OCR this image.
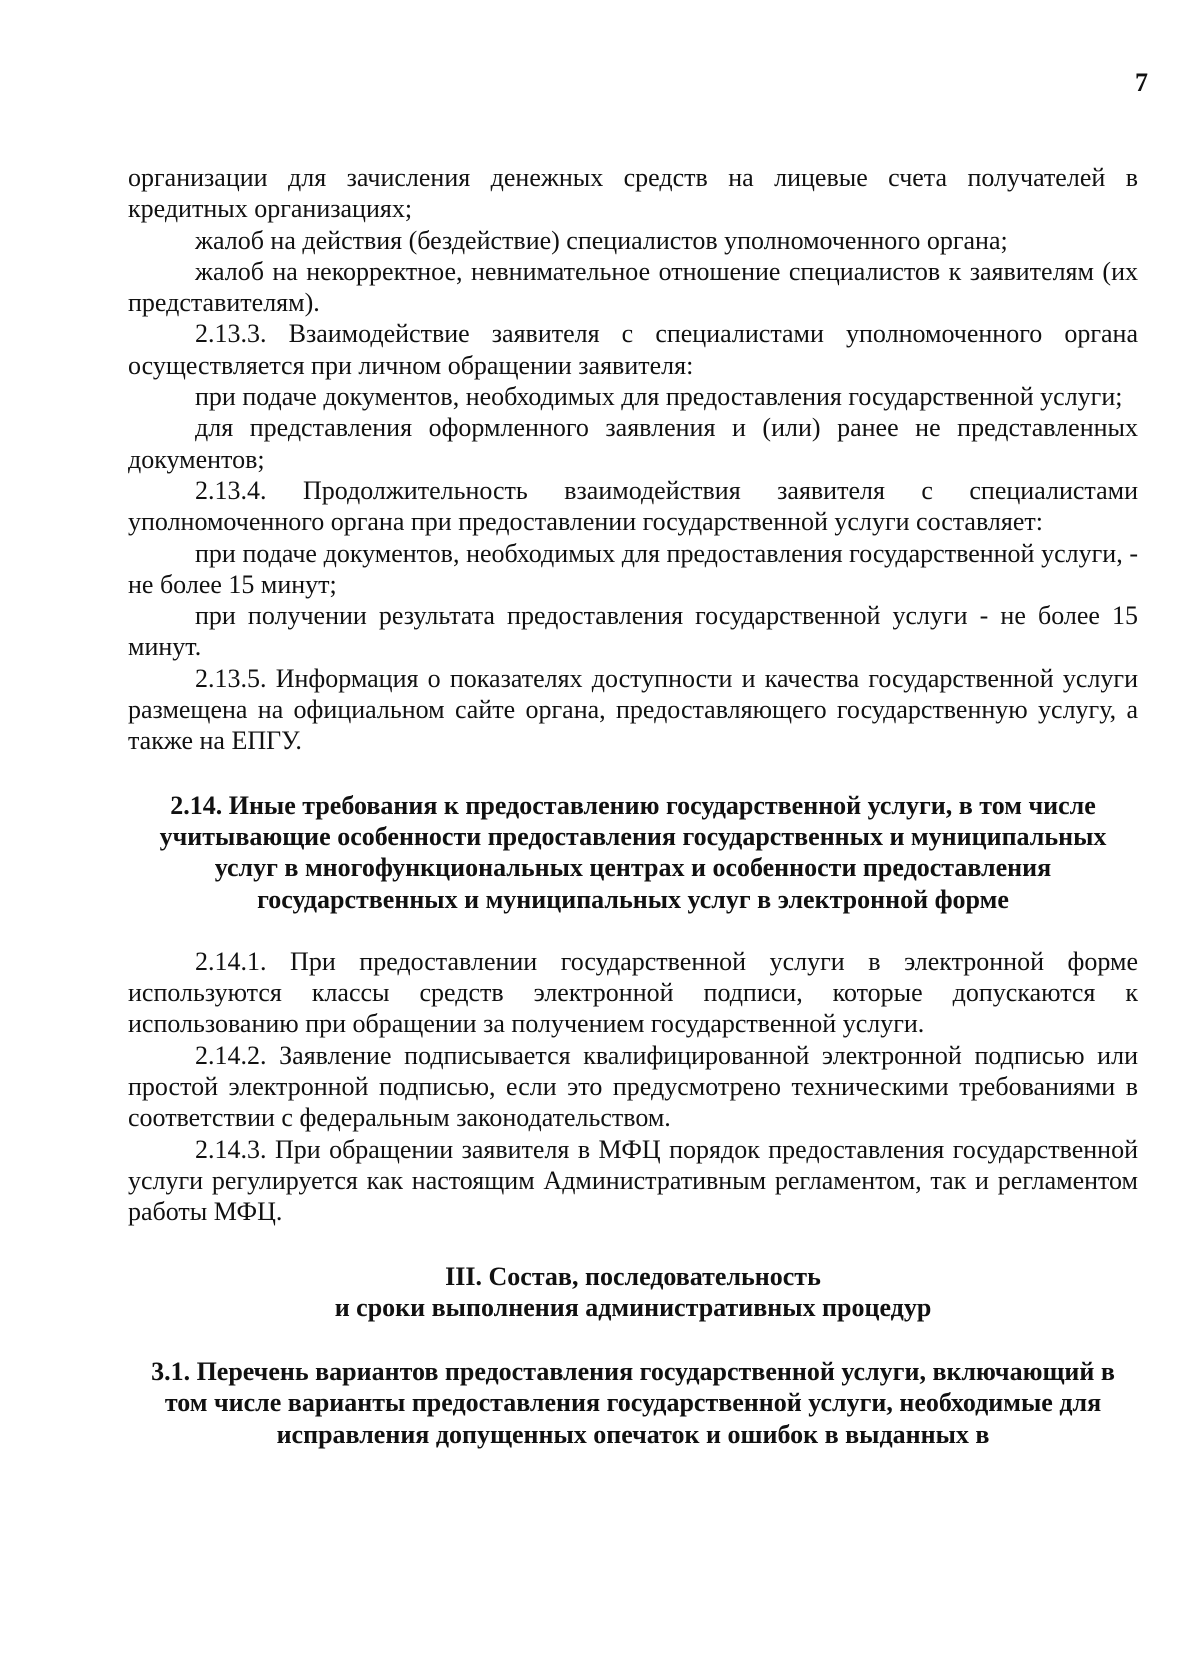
7

организации для зачисления денежных средств на лицевые счета получателей в кредитных организациях;

жалоб на действия (бездействие) специалистов уполномоченного органа;

жалоб на некорректное, невнимательное отношение специалистов к заявителям (их представителям).

2.13.3. Взаимодействие заявителя с специалистами уполномоченного органа осуществляется при личном обращении заявителя:

при подаче документов, необходимых для предоставления государственной услуги;

для представления оформленного заявления и (или) ранее не представленных документов;

2.13.4. Продолжительность взаимодействия заявителя с специалистами уполномоченного органа при предоставлении государственной услуги составляет:

при подаче документов, необходимых для предоставления государственной услуги, - не более 15 минут;

при получении результата предоставления государственной услуги - не более 15 минут.

2.13.5. Информация о показателях доступности и качества государственной услуги размещена на официальном сайте органа, предоставляющего государственную услугу, а также на ЕПГУ.

2.14. Иные требования к предоставлению государственной услуги, в том числе учитывающие особенности предоставления государственных и муниципальных услуг в многофункциональных центрах и особенности предоставления государственных и муниципальных услуг в электронной форме

2.14.1. При предоставлении государственной услуги в электронной форме используются классы средств электронной подписи, которые допускаются к использованию при обращении за получением государственной услуги.

2.14.2. Заявление подписывается квалифицированной электронной подписью или простой электронной подписью, если это предусмотрено техническими требованиями в соответствии с федеральным законодательством.

2.14.3. При обращении заявителя в МФЦ порядок предоставления государственной услуги регулируется как настоящим Административным регламентом, так и регламентом работы МФЦ.

III. Состав, последовательность

и сроки выполнения административных процедур

3.1. Перечень вариантов предоставления государственной услуги, включающий в том числе варианты предоставления государственной услуги, необходимые для исправления допущенных опечаток и ошибок в выданных в
